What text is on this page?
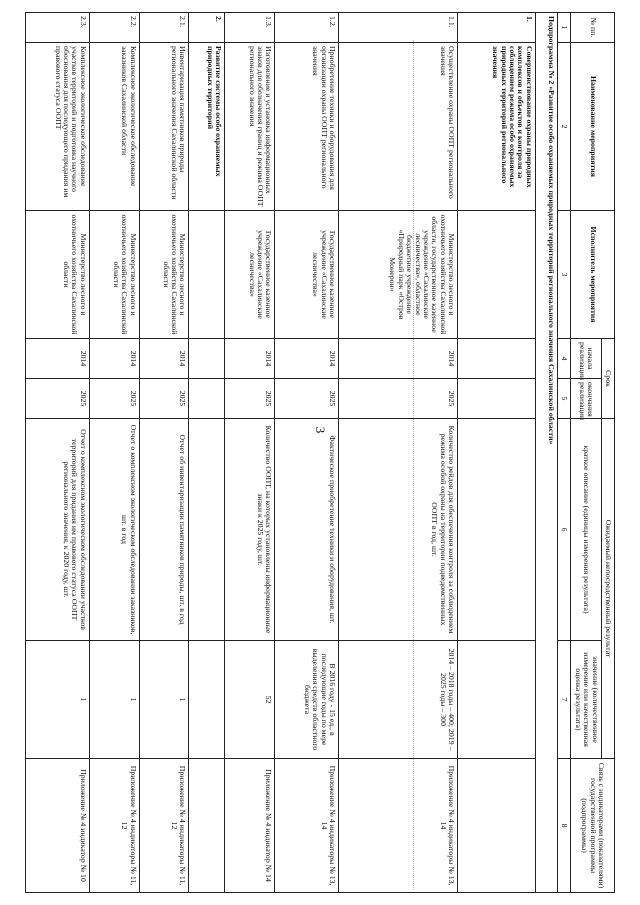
3
№ пп.	Наименование мероприятия	Исполнитель мероприятия	Срок		Ожидаемый непосредственный результат		Связь с индикаторами (показателями) государственной программы (подпрограммы)
			начала реализации	окончания реализации	краткое описание (единицы измерения результата)	значение (количественное измерение или качественная оценка результата)	
1	2	3	4	5	6	7	8
Подпрограмма № 2 «Развитие особо охраняемых природных территорий регионального значения Сахалинской области»							
1.	Совершенствование охраны природных комплексов и объектов и контроля за соблюдением режима особо охраняемых природных территорий регионального значения						
1.1.	Осуществление охраны ООПТ регионального значения	Министерство лесного и охотничьего хозяйства Сахалинской области, государственное казенное учреждение «Сахалинские лесничества», областное бюджетное учреждение «Природный парк «Остров Монерон»	2014	2025	Количество рейдов для обеспечения контроля за соблюдением режима особой охраны на территории подведомственных ООПТ в год, шт.	2014 – 2018 годы – 400; 2019 – 2025 годы – 300	Приложение № 4 индикаторы № 13, 14
1.2.	Приобретение техники и оборудования для организации охраны ООПТ регионального значения	Государственное казенное учреждение «Сахалинские лесничества»	2014	2025	Фактическое приобретение техники и оборудования, шт.	В 2016 году - 15 ед., в последующие годы по мере выделения средств областного бюджета	Приложение № 4 индикаторы № 13, 14
1.3.	Изготовление и установка информационных знаков для обозначения границ и режима ООПТ регионального значения	Государственное казенное учреждение «Сахалинские лесничества»	2014	2025	Количество ООПТ, на которых установлены информационные знаки к 2025 году, шт.	52	Приложение № 4 индикатор № 14
2.	Развитие системы особо охраняемых природных территорий						
2.1.	Инвентаризация памятников природы регионального значения Сахалинской области	Министерство лесного и охотничьего хозяйства Сахалинской области	2014	2025	Отчет об инвентаризации памятников природы, шт. в год	1	Приложение № 4 индикаторы № 11, 12
2.2.	Комплексное экологическое обследование заказников Сахалинской области	Министерство лесного и охотничьего хозяйства Сахалинской области	2014	2025	Отчет о комплексном экологическом обследовании заказников, шт. в год	1	Приложение № 4 индикаторы № 11, 12
2.3.	Комплексное экологическое обследование участков территорий и подготовка научного обоснования для последующего придания им правового статуса ООПТ	Министерство лесного и охотничьего хозяйства Сахалинской области	2014	2025	Отчет о комплексном экологическом обследовании участков территорий для придания им правового статуса ООПТ регионального значения, к 2020 году, шт.	1	Приложение № 4 индикатор № 10
